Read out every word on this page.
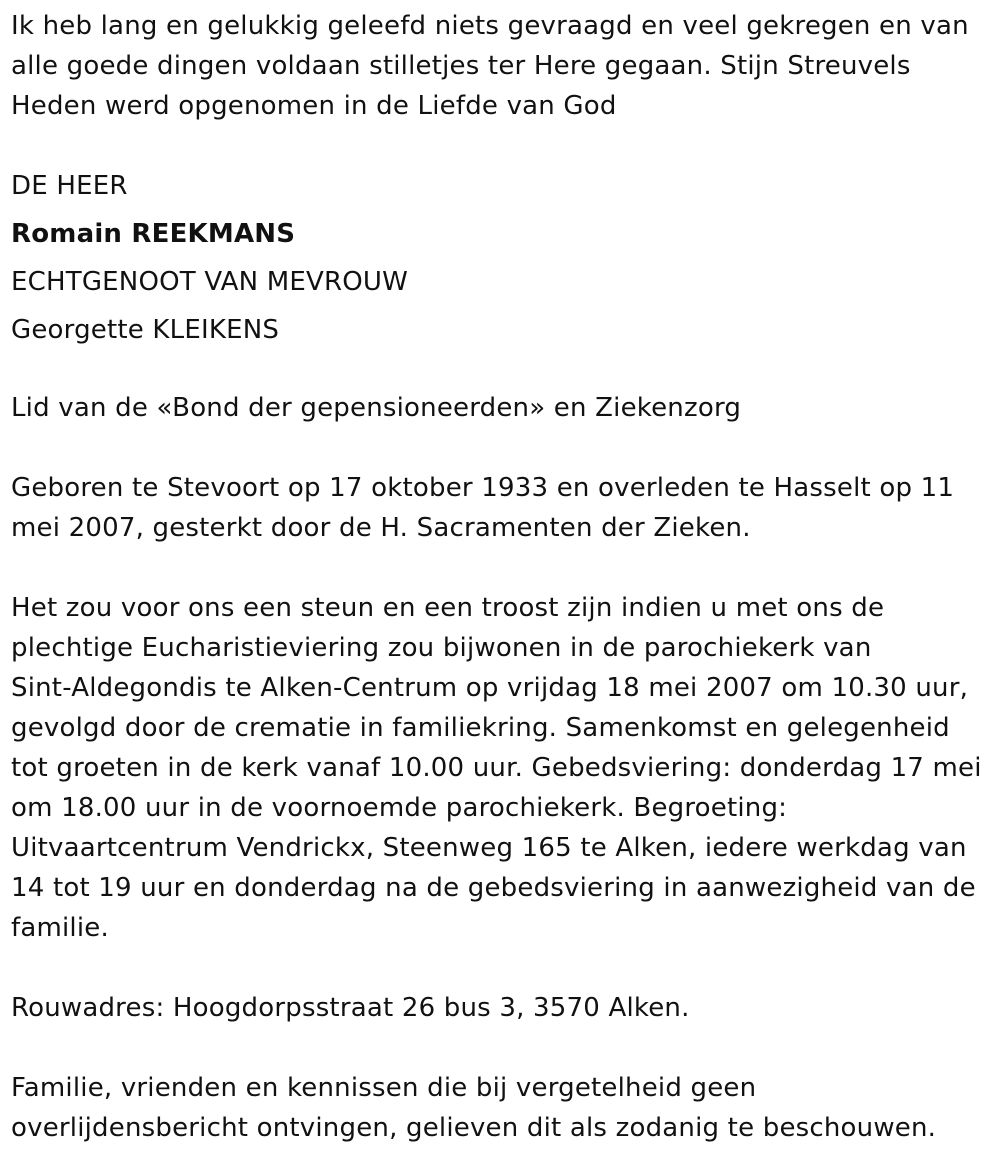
Ik heb lang en gelukkig geleefd niets gevraagd en veel gekregen en van

alle goede dingen voldaan stilletjes ter Here gegaan. Stijn Streuvels

Heden werd opgenomen in de Liefde van God

DE HEER

Romain REEKMANS

ECHTGENOOT VAN MEVROUW

Georgette KLEIKENS

Lid van de «Bond der gepensioneerden» en Ziekenzorg

Geboren te Stevoort op 17 oktober 1933 en overleden te Hasselt op 11

mei 2007, gesterkt door de H. Sacramenten der Zieken.

Het zou voor ons een steun en een troost zijn indien u met ons de

plechtige Eucharistieviering zou bijwonen in de parochiekerk van

Sint-Aldegondis te Alken-Centrum op vrijdag 18 mei 2007 om 10.30 uur,

gevolgd door de crematie in familiekring. Samenkomst en gelegenheid

tot groeten in de kerk vanaf 10.00 uur. Gebedsviering: donderdag 17 mei

om 18.00 uur in de voornoemde parochiekerk. Begroeting:

Uitvaartcentrum Vendrickx, Steenweg 165 te Alken, iedere werkdag van

14 tot 19 uur en donderdag na de gebedsviering in aanwezigheid van de

familie.

Rouwadres: Hoogdorpsstraat 26 bus 3, 3570 Alken.

Familie, vrienden en kennissen die bij vergetelheid geen

overlijdensbericht ontvingen, gelieven dit als zodanig te beschouwen.
